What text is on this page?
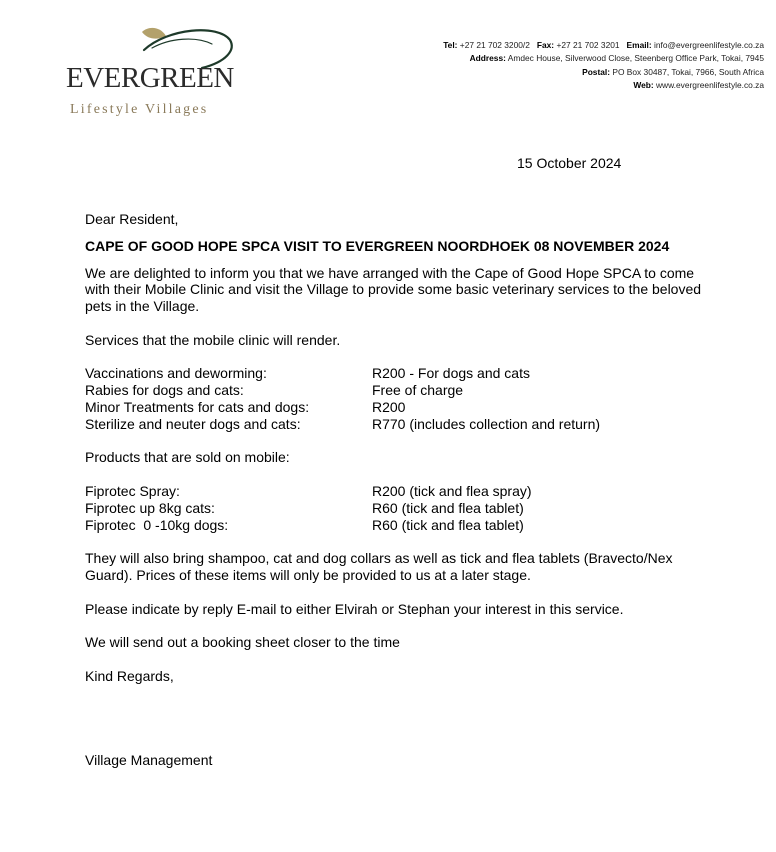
EVERGREEN
Lifestyle Villages
Tel: +27 21 702 3200/2 Fax: +27 21 702 3201 Email: info@evergreenlifestyle.co.za
Address: Amdec House, Silverwood Close, Steenberg Office Park, Tokai, 7945
Postal: PO Box 30487, Tokai, 7966, South Africa
Web: www.evergreenlifestyle.co.za
15 October 2024

Dear Resident,

CAPE OF GOOD HOPE SPCA VISIT TO EVERGREEN NOORDHOEK 08 NOVEMBER 2024

We are delighted to inform you that we have arranged with the Cape of Good Hope SPCA to come with their Mobile Clinic and visit the Village to provide some basic veterinary services to the beloved pets in the Village.

Services that the mobile clinic will render.

Vaccinations and deworming:	R200 - For dogs and cats
Rabies for dogs and cats:	Free of charge
Minor Treatments for cats and dogs:	R200
Sterilize and neuter dogs and cats:	R770 (includes collection and return)

Products that are sold on mobile:

Fiprotec Spray:	R200 (tick and flea spray)
Fiprotec up 8kg cats:	R60 (tick and flea tablet)
Fiprotec  0 -10kg dogs:	R60 (tick and flea tablet)

They will also bring shampoo, cat and dog collars as well as tick and flea tablets (Bravecto/Nex Guard). Prices of these items will only be provided to us at a later stage.

Please indicate by reply E-mail to either Elvirah or Stephan your interest in this service.

We will send out a booking sheet closer to the time

Kind Regards,

Village Management
